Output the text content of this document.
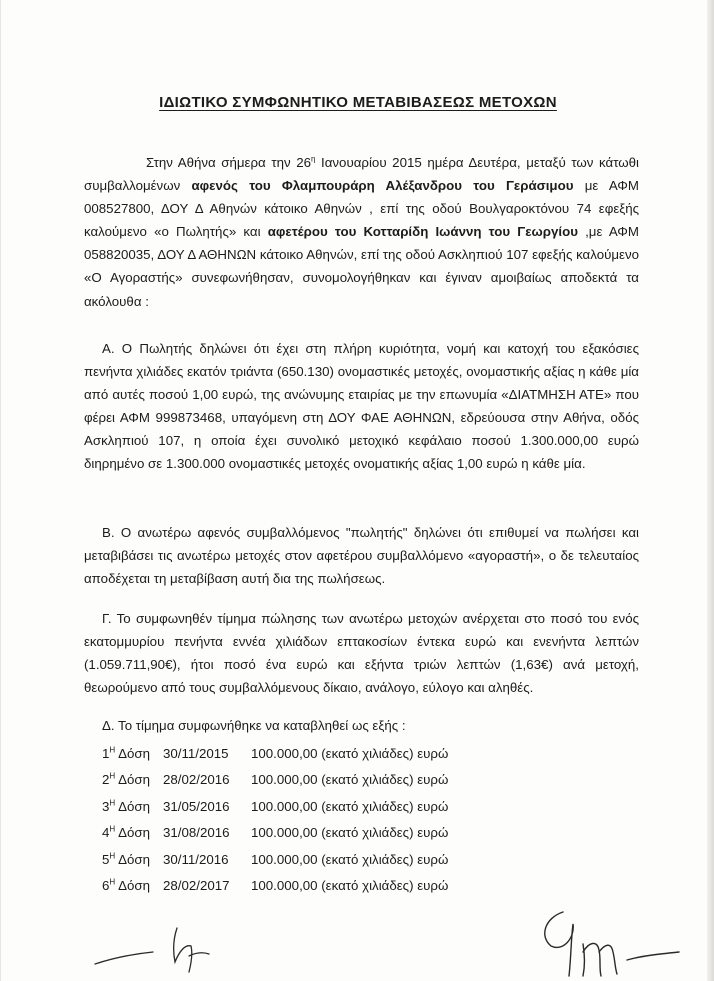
ΙΔΙΩΤΙΚΟ ΣΥΜΦΩΝΗΤΙΚΟ ΜΕΤΑΒΙΒΑΣΕΩΣ ΜΕΤΟΧΩΝ

Στην Αθήνα σήμερα την $26^\eta$ Ιανουαρίου 2015 ημέρα Δευτέρα, μεταξύ των κάτωθι συμβαλλομένων αφενός του Φλαμπουράρη Αλέξανδρου του Γεράσιμου με ΑΦΜ 008527800, ΔΟΥ Δ Αθηνών κάτοικο Αθηνών , επί της οδού Βουλγαροκτόνου 74 εφεξής καλούμενο «ο Πωλητής» και αφετέρου του Κοτταρίδη Ιωάννη του Γεωργίου ,με ΑΦΜ 058820035, ΔΟΥ Δ ΑΘΗΝΩΝ κάτοικο Αθηνών, επί της οδού Ασκληπιού 107 εφεξής καλούμενο «Ο Αγοραστής» συνεφωνήθησαν, συνομολογήθηκαν και έγιναν αμοιβαίως αποδεκτά τα ακόλουθα :

Α. Ο Πωλητής δηλώνει ότι έχει στη πλήρη κυριότητα, νομή και κατοχή του εξακόσιες πενήντα χιλιάδες εκατόν τριάντα (650.130) ονομαστικές μετοχές, ονομαστικής αξίας η κάθε μία από αυτές ποσού 1,00 ευρώ, της ανώνυμης εταιρίας με την επωνυμία «ΔΙΑΤΜΗΣΗ ΑΤΕ» που φέρει ΑΦΜ 999873468, υπαγόμενη στη ΔΟΥ ΦΑΕ ΑΘΗΝΩΝ, εδρεύουσα στην Αθήνα, οδός Ασκληπιού 107, η οποία έχει συνολικό μετοχικό κεφάλαιο ποσού 1.300.000,00 ευρώ διηρημένο σε 1.300.000 ονομαστικές μετοχές ονοματικής αξίας 1,00 ευρώ η κάθε μία.

Β. Ο ανωτέρω αφενός συμβαλλόμενος "πωλητής" δηλώνει ότι επιθυμεί να πωλήσει και μεταβιβάσει τις ανωτέρω μετοχές στον αφετέρου συμβαλλόμενο «αγοραστή», ο δε τελευταίος αποδέχεται τη μεταβίβαση αυτή δια της πωλήσεως.

Γ. Το συμφωνηθέν τίμημα πώλησης των ανωτέρω μετοχών ανέρχεται στο ποσό του ενός εκατομμυρίου πενήντα εννέα χιλιάδων επτακοσίων έντεκα ευρώ και ενενήντα λεπτών (1.059.711,90€), ήτοι ποσό ένα ευρώ και εξήντα τριών λεπτών (1,63€) ανά μετοχή, θεωρούμενο από τους συμβαλλόμενους δίκαιο, ανάλογο, εύλογο και αληθές.

Δ. Το τίμημα συμφωνήθηκε να καταβληθεί ως εξής :

$1^H$ Δόση 30/11/2015 100.000,00 (εκατό χιλιάδες) ευρώ
$2^H$ Δόση 28/02/2016 100.000,00 (εκατό χιλιάδες) ευρώ
$3^H$ Δόση 31/05/2016 100.000,00 (εκατό χιλιάδες) ευρώ
$4^H$ Δόση 31/08/2016 100.000,00 (εκατό χιλιάδες) ευρώ
$5^H$ Δόση 30/11/2016 100.000,00 (εκατό χιλιάδες) ευρώ
$6^H$ Δόση 28/02/2017 100.000,00 (εκατό χιλιάδες) ευρώ
